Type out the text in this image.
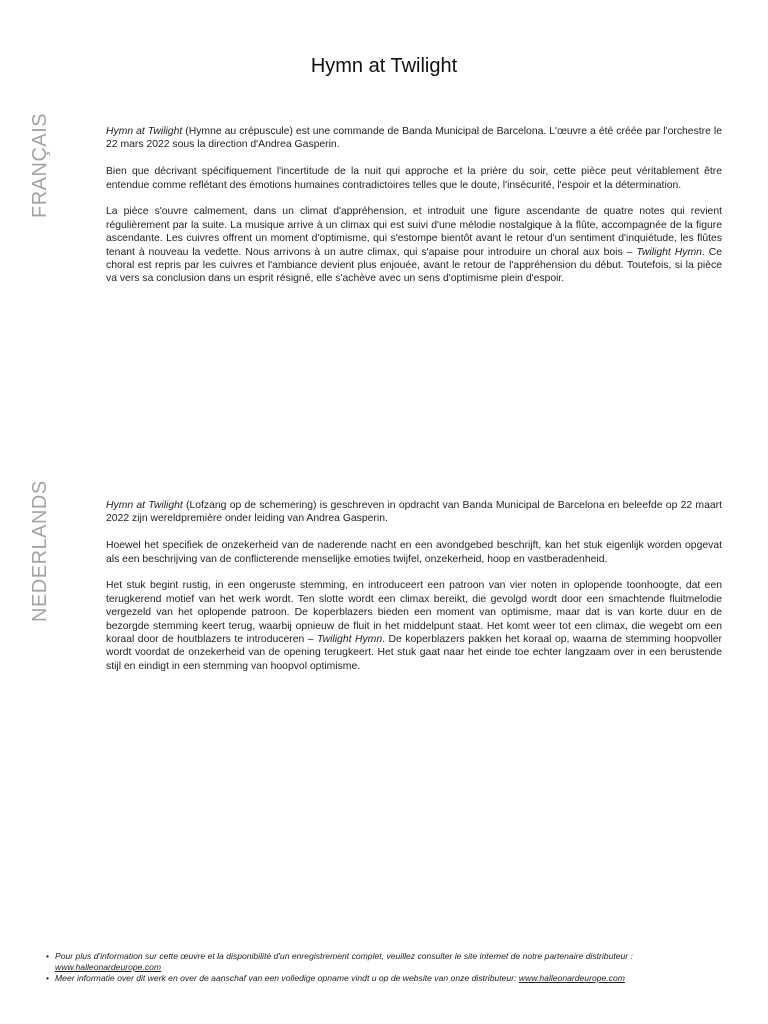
Hymn at Twilight
FRANÇAIS	Hymn at Twilight (Hymne au crépuscule) est une commande de Banda Municipal de Barcelona. L'œuvre a été créée par l'orchestre le 22 mars 2022 sous la direction d'Andrea Gasperin.

Bien que décrivant spécifiquement l'incertitude de la nuit qui approche et la prière du soir, cette pièce peut véritablement être entendue comme reflétant des émotions humaines contradictoires telles que le doute, l'insécurité, l'espoir et la détermination.

La pièce s'ouvre calmement, dans un climat d'appréhension, et introduit une figure ascendante de quatre notes qui revient régulièrement par la suite. La musique arrive à un climax qui est suivi d'une mélodie nostalgique à la flûte, accompagnée de la figure ascendante. Les cuivres offrent un moment d'optimisme, qui s'estompe bientôt avant le retour d'un sentiment d'inquiétude, les flûtes tenant à nouveau la vedette. Nous arrivons à un autre climax, qui s'apaise pour introduire un choral aux bois – Twilight Hymn. Ce choral est repris par les cuivres et l'ambiance devient plus enjouée, avant le retour de l'appréhension du début. Toutefois, si la pièce va vers sa conclusion dans un esprit résigné, elle s'achève avec un sens d'optimisme plein d'espoir.

NEDERLANDS	Hymn at Twilight (Lofzang op de schemering) is geschreven in opdracht van Banda Municipal de Barcelona en beleefde op 22 maart 2022 zijn wereldpremière onder leiding van Andrea Gasperin.

Hoewel het specifiek de onzekerheid van de naderende nacht en een avondgebed beschrijft, kan het stuk eigenlijk worden opgevat als een beschrijving van de conflicterende menselijke emoties twijfel, onzekerheid, hoop en vastberadenheid.

Het stuk begint rustig, in een ongeruste stemming, en introduceert een patroon van vier noten in oplopende toonhoogte, dat een terugkerend motief van het werk wordt. Ten slotte wordt een climax bereikt, die gevolgd wordt door een smachtende fluitmelodie vergezeld van het oplopende patroon. De koperblazers bieden een moment van optimisme, maar dat is van korte duur en de bezorgde stemming keert terug, waarbij opnieuw de fluit in het middelpunt staat. Het komt weer tot een climax, die wegebt om een koraal door de houtblazers te introduceren – Twilight Hymn. De koperblazers pakken het koraal op, waarna de stemming hoopvoller wordt voordat de onzekerheid van de opening terugkeert. Het stuk gaat naar het einde toe echter langzaam over in een berustende stijl en eindigt in een stemming van hoopvol optimisme.

• Pour plus d'information sur cette œuvre et la disponibilité d'un enregistrement complet, veuillez consulter le site internet de notre partenaire distributeur : www.halleonardeurope.com
• Meer informatie over dit werk en over de aanschaf van een volledige opname vindt u op de website van onze distributeur: www.halleonardeurope.com
